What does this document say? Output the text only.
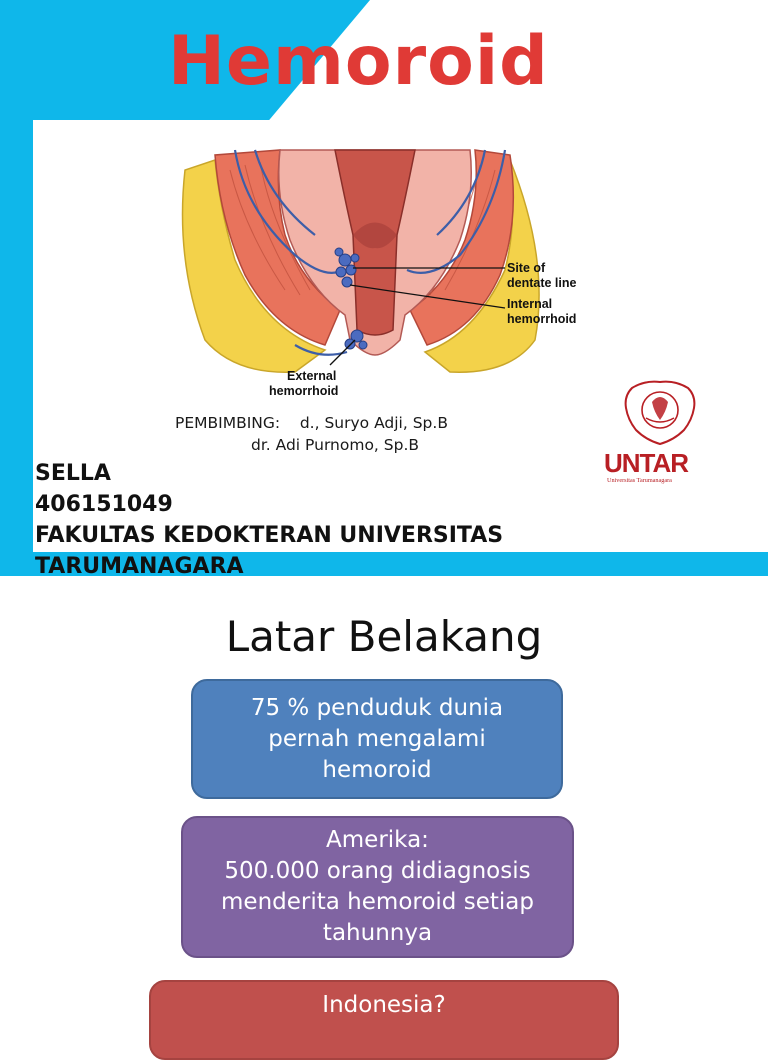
Hemoroid
Site of dentate line
Internal hemorrhoid
External hemorrhoid
PEMBIMBING: d., Suryo Adji, Sp.B
dr. Adi Purnomo, Sp.B
SELLA
406151049
FAKULTAS KEDOKTERAN UNIVERSITAS
TARUMANAGARA
UNTAR
Universitas Tarumanagara
Latar Belakang
75 % penduduk dunia
pernah mengalami
hemoroid
Amerika:
500.000 orang didiagnosis
menderita hemoroid setiap
tahunnya
Indonesia?
